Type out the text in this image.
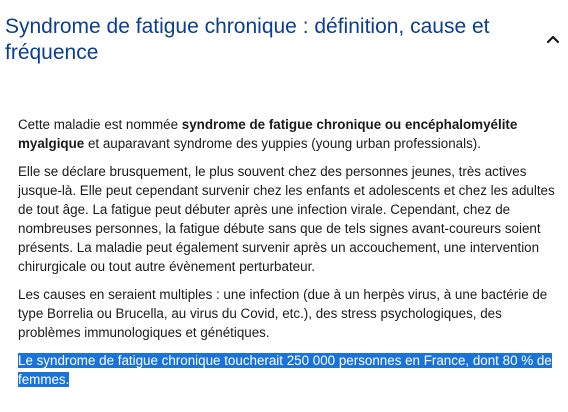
Syndrome de fatigue chronique : définition, cause et fréquence

Cette maladie est nommée syndrome de fatigue chronique ou encéphalomyélite myalgique et auparavant syndrome des yuppies (young urban professionals).

Elle se déclare brusquement, le plus souvent chez des personnes jeunes, très actives jusque-là. Elle peut cependant survenir chez les enfants et adolescents et chez les adultes de tout âge. La fatigue peut débuter après une infection virale. Cependant, chez de nombreuses personnes, la fatigue débute sans que de tels signes avant-coureurs soient présents. La maladie peut également survenir après un accouchement, une intervention chirurgicale ou tout autre évènement perturbateur.

Les causes en seraient multiples : une infection (due à un herpès virus, à une bactérie de type Borrelia ou Brucella, au virus du Covid, etc.), des stress psychologiques, des problèmes immunologiques et génétiques.

Le syndrome de fatigue chronique toucherait 250 000 personnes en France, dont 80 % de femmes.
